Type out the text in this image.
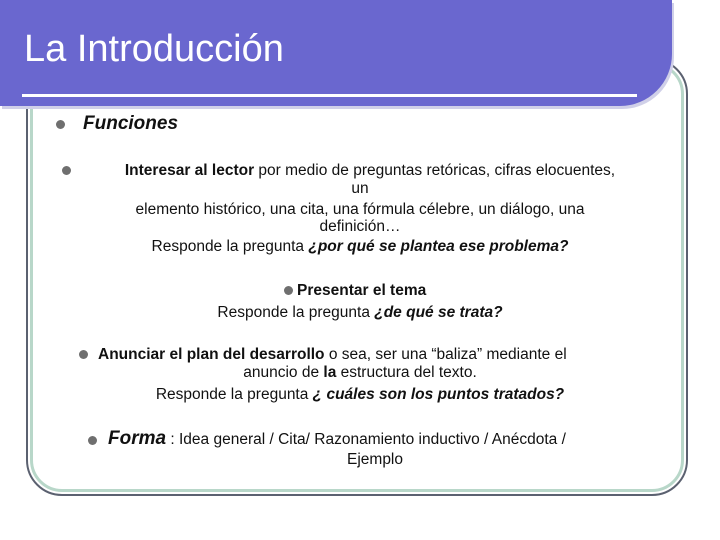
La Introducción
Funciones
Interesar al lector por medio de preguntas retóricas, cifras elocuentes,
un
elemento histórico, una cita, una fórmula célebre, un diálogo, una
definición…
Responde la pregunta ¿por qué se plantea ese problema?
Presentar el tema
Responde la pregunta ¿de qué se trata?
Anunciar el plan del desarrollo o sea, ser una “baliza” mediante el
anuncio de la estructura del texto.
Responde la pregunta ¿ cuáles son los puntos tratados?
Forma : Idea general / Cita/ Razonamiento inductivo / Anécdota /
Ejemplo
